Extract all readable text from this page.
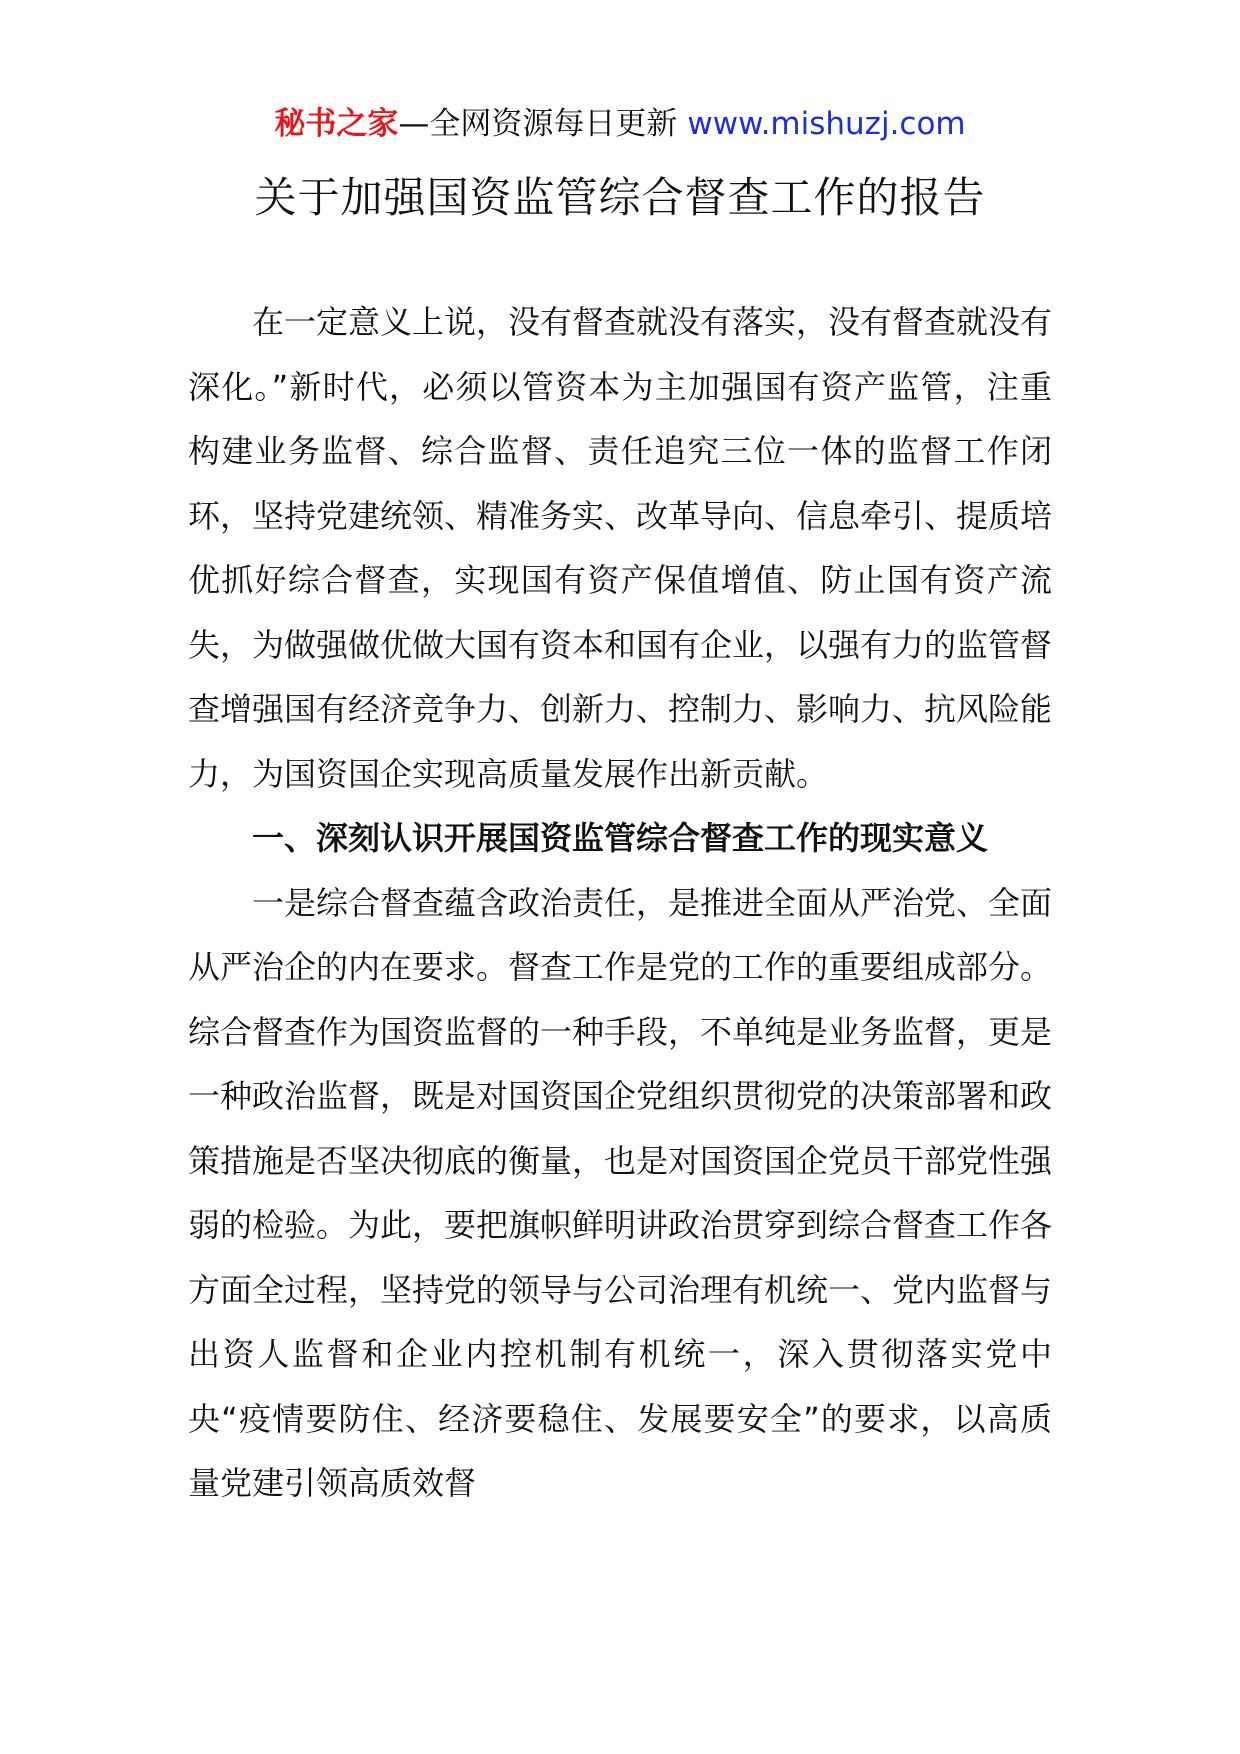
秘书之家—全网资源每日更新 www.mishuzj.com
关于加强国资监管综合督查工作的报告

在一定意义上说，没有督查就没有落实，没有督查就没有深化。”新时代，必须以管资本为主加强国有资产监管，注重构建业务监督、综合监督、责任追究三位一体的监督工作闭环，坚持党建统领、精准务实、改革导向、信息牵引、提质培优抓好综合督查，实现国有资产保值增值、防止国有资产流失，为做强做优做大国有资本和国有企业，以强有力的监管督查增强国有经济竞争力、创新力、控制力、影响力、抗风险能力，为国资国企实现高质量发展作出新贡献。

一、深刻认识开展国资监管综合督查工作的现实意义

一是综合督查蕴含政治责任，是推进全面从严治党、全面从严治企的内在要求。督查工作是党的工作的重要组成部分。综合督查作为国资监督的一种手段，不单纯是业务监督，更是一种政治监督，既是对国资国企党组织贯彻党的决策部署和政策措施是否坚决彻底的衡量，也是对国资国企党员干部党性强弱的检验。为此，要把旗帜鲜明讲政治贯穿到综合督查工作各方面全过程，坚持党的领导与公司治理有机统一、党内监督与出资人监督和企业内控机制有机统一，深入贯彻落实党中央“疫情要防住、经济要稳住、发展要安全”的要求，以高质量党建引领高质效督
